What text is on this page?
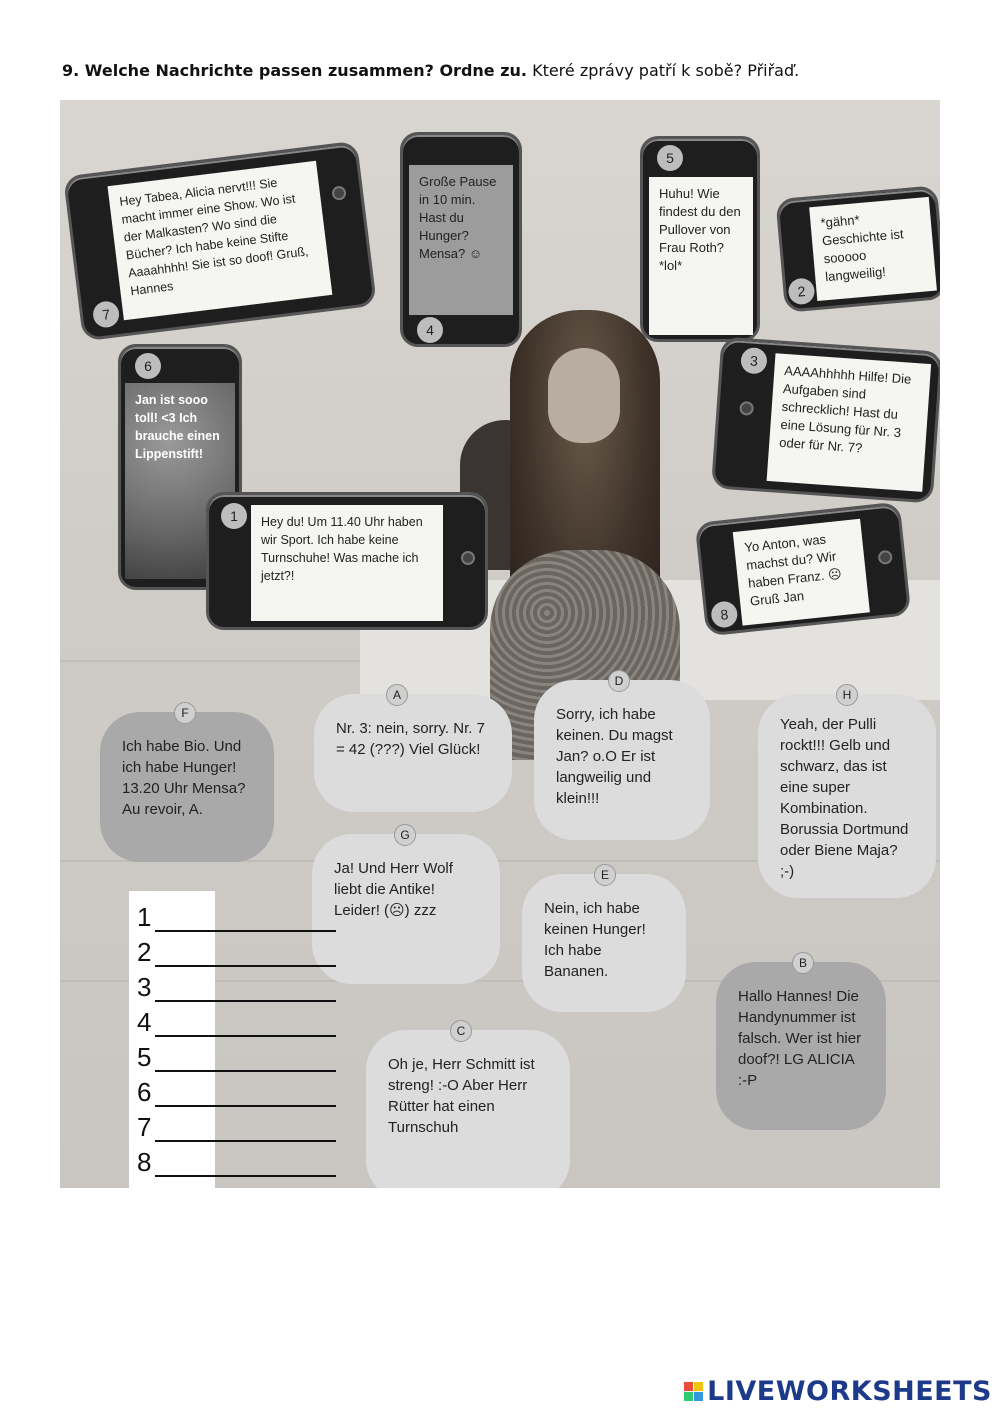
9. Welche Nachrichte passen zusammen? Ordne zu. Které zprávy patří k sobě? Přiřaď.
Hey Tabea, Alicia nervt!!! Sie macht immer eine Show. Wo ist der Malkasten? Wo sind die Bücher? Ich habe keine Stifte Aaaahhhh! Sie ist so doof! Gruß, Hannes
7
Große Pause in 10 min. Hast du Hunger? Mensa? ☺
4
5
Huhu! Wie findest du den Pullover von Frau Roth? *lol*
*gähn* Geschichte ist sooooo langweilig!
2
6
Jan ist sooo toll! <3 Ich brauche einen Lippenstift!
3
AAAAhhhhh Hilfe! Die Aufgaben sind schrecklich! Hast du eine Lösung für Nr. 3 oder für Nr. 7?
1	Hey du! Um 11.40 Uhr haben wir Sport. Ich habe keine Turnschuhe! Was mache ich jetzt?!
Yo Anton, was machst du? Wir haben Franz. ☹ Gruß Jan
8
F
Ich habe Bio. Und ich habe Hunger! 13.20 Uhr Mensa? Au revoir, A.
A
Nr. 3: nein, sorry. Nr. 7 = 42 (???) Viel Glück!
D
Sorry, ich habe keinen. Du magst Jan? o.O Er ist langweilig und klein!!!
H
Yeah, der Pulli rockt!!! Gelb und schwarz, das ist eine super Kombination. Borussia Dortmund oder Biene Maja? ;-)
G
Ja! Und Herr Wolf liebt die Antike! Leider! (☹) zzz
E
Nein, ich habe keinen Hunger! Ich habe Bananen.	B
Hallo Hannes! Die Handynummer ist falsch. Wer ist hier doof?! LG ALICIA :-P
C
Oh je, Herr Schmitt ist streng! :-O Aber Herr Rütter hat einen Turnschuh
1
2
3
4
5
6
7
8
LIVEWORKSHEETS
